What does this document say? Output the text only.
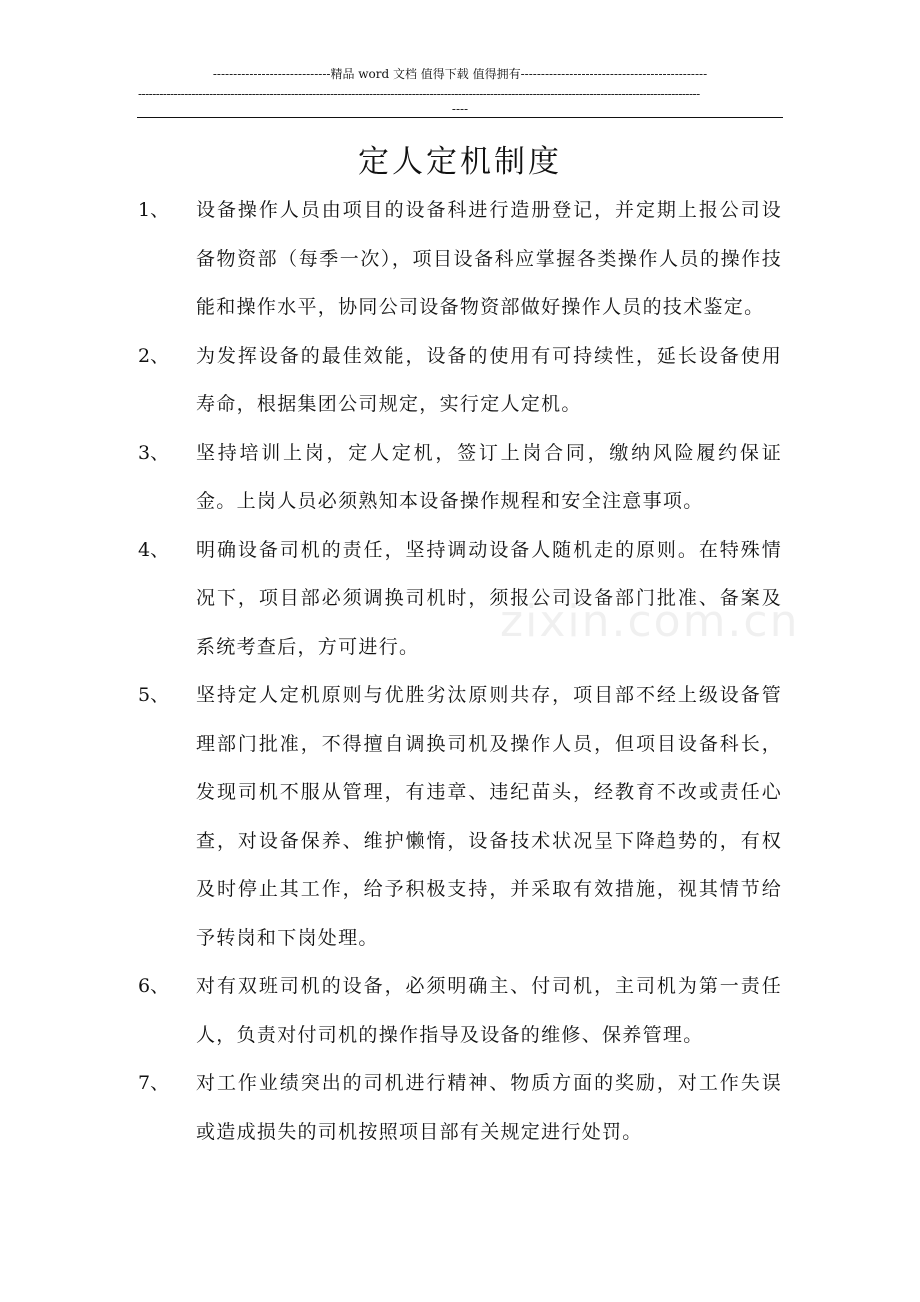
-----------------------------精品 word 文档 值得下载 值得拥有----------------------------------------------
--------------------------------------------------------------------------------------------------------------------------------------------------------------
----
定人定机制度
1、 设备操作人员由项目的设备科进行造册登记，并定期上报公司设备物资部（每季一次），项目设备科应掌握各类操作人员的操作技能和操作水平，协同公司设备物资部做好操作人员的技术鉴定。
2、 为发挥设备的最佳效能，设备的使用有可持续性，延长设备使用寿命，根据集团公司规定，实行定人定机。
3、 坚持培训上岗，定人定机，签订上岗合同，缴纳风险履约保证金。上岗人员必须熟知本设备操作规程和安全注意事项。
4、 明确设备司机的责任，坚持调动设备人随机走的原则。在特殊情况下，项目部必须调换司机时，须报公司设备部门批准、备案及系统考查后，方可进行。
5、 坚持定人定机原则与优胜劣汰原则共存，项目部不经上级设备管理部门批准，不得擅自调换司机及操作人员，但项目设备科长，发现司机不服从管理，有违章、违纪苗头，经教育不改或责任心查，对设备保养、维护懒惰，设备技术状况呈下降趋势的，有权及时停止其工作，给予积极支持，并采取有效措施，视其情节给予转岗和下岗处理。
6、 对有双班司机的设备，必须明确主、付司机，主司机为第一责任人，负责对付司机的操作指导及设备的维修、保养管理。
7、 对工作业绩突出的司机进行精神、物质方面的奖励，对工作失误或造成损失的司机按照项目部有关规定进行处罚。
zixin.com.cn
